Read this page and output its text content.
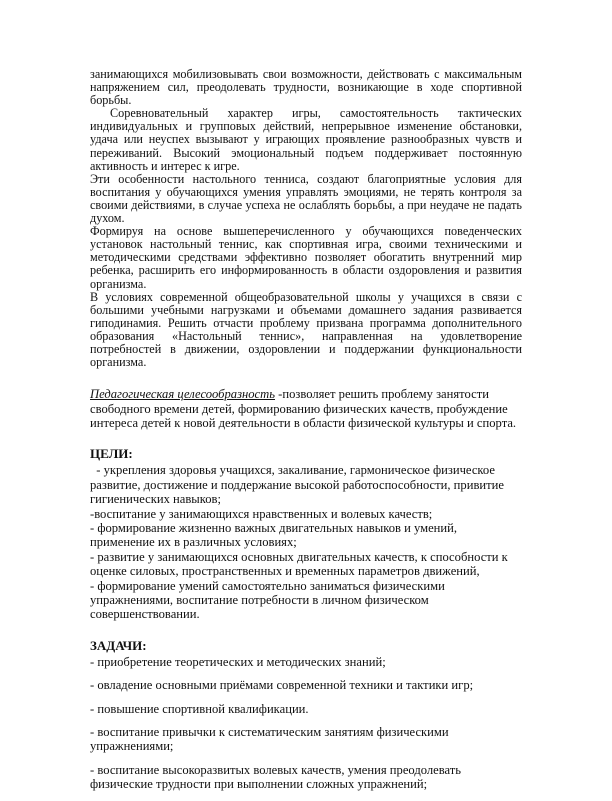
занимающихся мобилизовывать свои возможности, действовать с максимальным напряжением сил, преодолевать трудности, возникающие в ходе спортивной борьбы.

Соревновательный характер игры, самостоятельность тактических индивидуальных и групповых действий, непрерывное изменение обстановки, удача или неуспех вызывают у играющих проявление разнообразных чувств и переживаний. Высокий эмоциональный подъем поддерживает постоянную активность и интерес к игре.

Эти особенности настольного тенниса, создают благоприятные условия для воспитания у обучающихся умения управлять эмоциями, не терять контроля за своими действиями, в случае успеха не ослаблять борьбы, а при неудаче не падать духом.

Формируя на основе вышеперечисленного у обучающихся поведенческих установок настольный теннис, как спортивная игра, своими техническими и методическими средствами эффективно позволяет обогатить внутренний мир ребенка, расширить его информированность в области оздоровления и развития организма.

В условиях современной общеобразовательной школы у учащихся в связи с большими учебными нагрузками и объемами домашнего задания развивается гиподинамия. Решить отчасти проблему призвана программа дополнительного образования «Настольный теннис», направленная на удовлетворение потребностей в движении, оздоровлении и поддержании функциональности организма.

Педагогическая целесообразность -позволяет решить проблему занятости свободного времени детей, формированию физических качеств, пробуждение интереса детей к новой деятельности в области физической культуры и спорта.

ЦЕЛИ:

- укрепления здоровья учащихся, закаливание, гармоническое физическое развитие, достижение и поддержание высокой работоспособности, привитие гигиенических навыков;

-воспитание у занимающихся нравственных и волевых качеств;

- формирование жизненно важных двигательных навыков и умений, применение их в различных условиях;

- развитие у занимающихся основных двигательных качеств, к способности к оценке силовых, пространственных и временных параметров движений,

- формирование умений самостоятельно заниматься физическими упражнениями, воспитание потребности в личном физическом совершенствовании.

ЗАДАЧИ:

- приобретение теоретических и методических знаний;

- овладение основными приёмами современной техники и тактики игр;

- повышение спортивной квалификации.

- воспитание привычки к систематическим занятиям физическими упражнениями;

- воспитание высокоразвитых волевых качеств, умения преодолевать физические трудности при выполнении сложных упражнений;
